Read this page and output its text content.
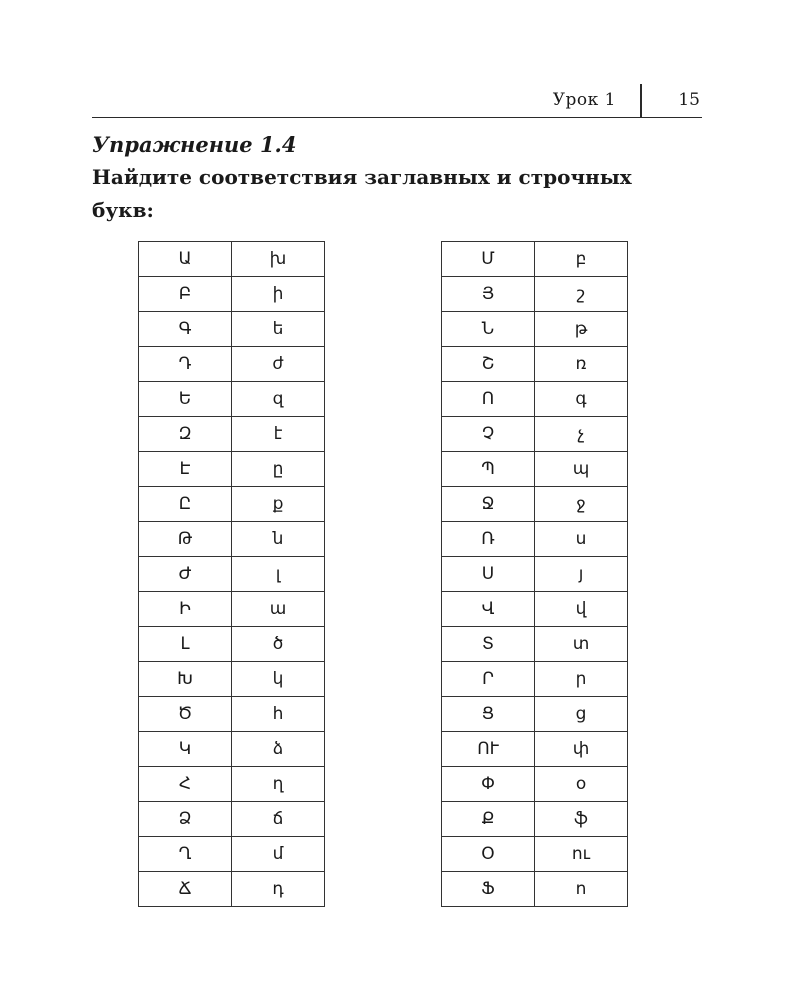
Урок 1	15
Упражнение 1.4
Найдите соответствия заглавных и строчных букв:
Ա	խ
Բ	ի
Գ	ե
Դ	ժ
Ե	զ
Զ	է
Է	ը
Ը	ք
Թ	ն
Ժ	լ
Ի	ա
Լ	ծ
Խ	կ
Ծ	հ
Կ	ձ
Հ	ղ
Ձ	ճ
Ղ	մ
Ճ	դ
Մ	բ
Յ	շ
Ն	թ
Շ	ռ
Ո	գ
Չ	չ
Պ	պ
Ջ	ջ
Ռ	ս
Ս	յ
Վ	վ
Տ	տ
Ր	ր
Ց	ց
ՈՒ	փ
Փ	օ
Ք	ֆ
Օ	ու
Ֆ	ո
